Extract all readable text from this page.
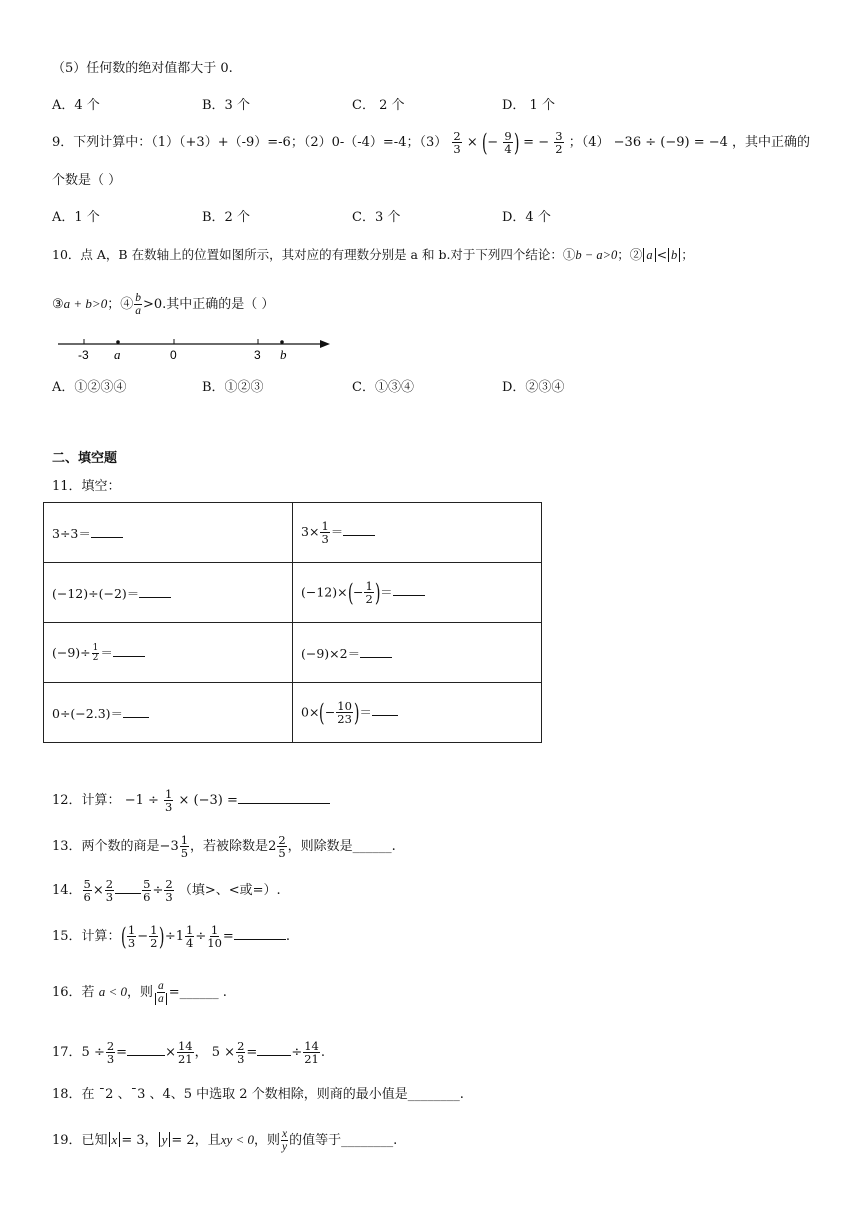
（5）任何数的绝对值都大于 0.
A．4 个	B．3 个	C． 2 个	D． 1 个
9．下列计算中：（1）（+3）+（-9）=-6；（2）0-（-4）=-4；$(3) \frac{2}{3}$ × (− $\frac{9}{4}$ ) = − $\frac{3}{2}$ ；（4） −36 ÷ (−9) = −4 ，其中正确的
个数是（ ）
A．1 个	B．2 个	C．3 个	D．4 个
10．点 A，B 在数轴上的位置如图所示，其对应的有理数分别是 a 和 b.对于下列四个结论：①b − a>0；② a < b ；
③a + b>0；④ $\frac{b}{a} >0$.其中正确的是（ ）
-3 a	0	3 b
A．①②③④	B．①②③	C．①③④	D．②③④
二、填空题
11．填空：
3÷3＝	$3\times \frac{1}{3}$ ＝
(−12)÷(−2)＝	$(-12)\times(- \frac{1}{2}$ )＝
$(-9)\div \frac{1}{2}$ ＝	(−9)×2＝
0÷(−2.3)＝	$0\times(- \frac{10}{23}$ )＝
12．计算： $-1 \div \frac{1}{3} \times (-3)$ =
13．两个数的商是$-3 \frac{1}{5}$ ，若被除数是$2 \frac{2}{5}$ ，则除数是______.
14． $\frac{5}{6} \times \frac{2}{3} \frac{5}{6} \div \frac{2}{3}$ （填>、<或=）.
15．计算：( $\frac{1}{3} - \frac{1}{2} )\div 1 \frac{1}{4} \div \frac{1}{10}$ =	.
16．若 a < 0，则 $\frac{a}{a}$ =______ .
17．$5 \div \frac{2}{3}$ =	× $\frac{14}{21}$ ， $5 \times \frac{2}{3}$ =	÷ $\frac{14}{21}$ .
18．在 ¯2 、¯3 、4、5 中选取 2 个数相除，则商的最小值是________.
19．已知 x = 3， y = 2，且xy < 0，则 $\frac{x}{y}$ 的值等于________.
